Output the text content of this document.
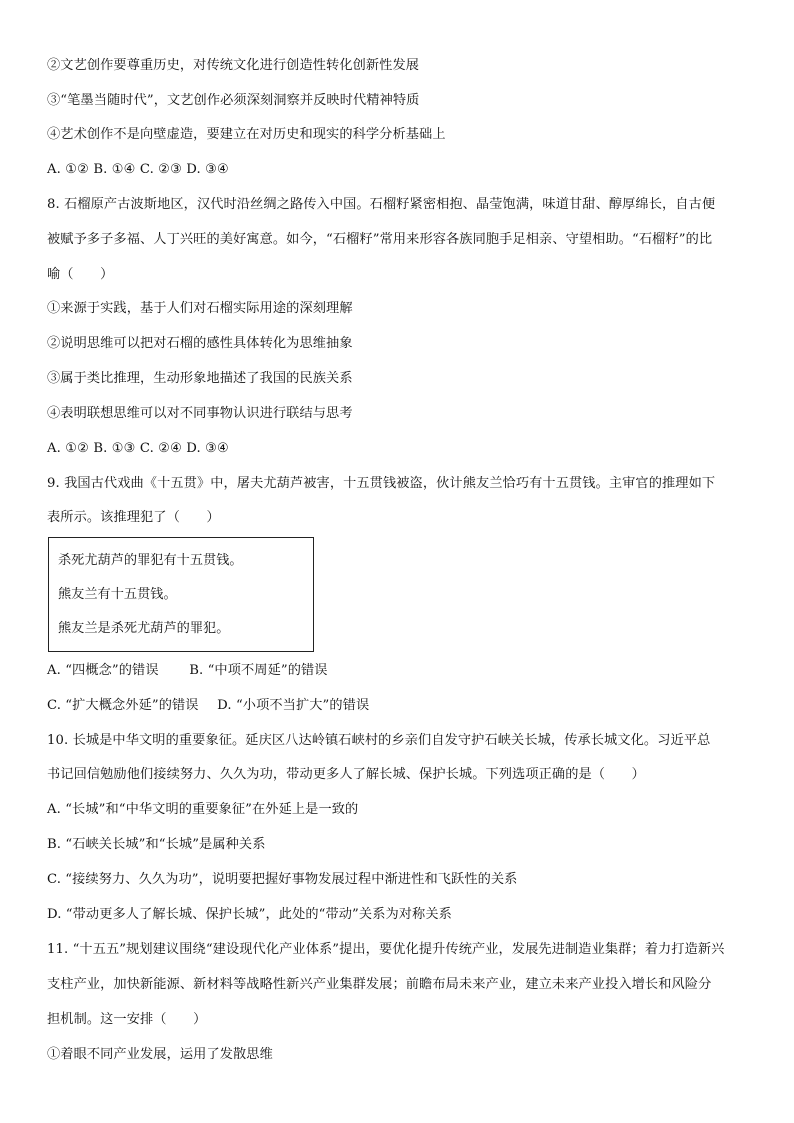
②文艺创作要尊重历史，对传统文化进行创造性转化创新性发展
③“笔墨当随时代”，文艺创作必须深刻洞察并反映时代精神特质
④艺术创作不是向壁虚造，要建立在对历史和现实的科学分析基础上
A. ①② B. ①④ C. ②③ D. ③④
8. 石榴原产古波斯地区，汉代时沿丝绸之路传入中国。石榴籽紧密相抱、晶莹饱满，味道甘甜、醇厚绵长，自古便
被赋予多子多福、人丁兴旺的美好寓意。如今，“石榴籽”常用来形容各族同胞手足相亲、守望相助。“石榴籽”的比
喻（　　）
①来源于实践，基于人们对石榴实际用途的深刻理解
②说明思维可以把对石榴的感性具体转化为思维抽象
③属于类比推理，生动形象地描述了我国的民族关系
④表明联想思维可以对不同事物认识进行联结与思考
A. ①② B. ①③ C. ②④ D. ③④
9. 我国古代戏曲《十五贯》中，屠夫尤葫芦被害，十五贯钱被盗，伙计熊友兰恰巧有十五贯钱。主审官的推理如下
表所示。该推理犯了（　　）
杀死尤葫芦的罪犯有十五贯钱。
熊友兰有十五贯钱。
熊友兰是杀死尤葫芦的罪犯。
A. “四概念”的错误 B. “中项不周延”的错误
C. “扩大概念外延”的错误 D. “小项不当扩大”的错误
10. 长城是中华文明的重要象征。延庆区八达岭镇石峡村的乡亲们自发守护石峡关长城，传承长城文化。习近平总
书记回信勉励他们接续努力、久久为功，带动更多人了解长城、保护长城。下列选项正确的是（　　）
A. “长城”和“中华文明的重要象征”在外延上是一致的
B. “石峡关长城”和“长城”是属种关系
C. “接续努力、久久为功”，说明要把握好事物发展过程中渐进性和飞跃性的关系
D. “带动更多人了解长城、保护长城”，此处的“带动”关系为对称关系
11. “十五五”规划建议围绕“建设现代化产业体系”提出，要优化提升传统产业，发展先进制造业集群；着力打造新兴
支柱产业，加快新能源、新材料等战略性新兴产业集群发展；前瞻布局未来产业，建立未来产业投入增长和风险分
担机制。这一安排（　　）
①着眼不同产业发展，运用了发散思维
